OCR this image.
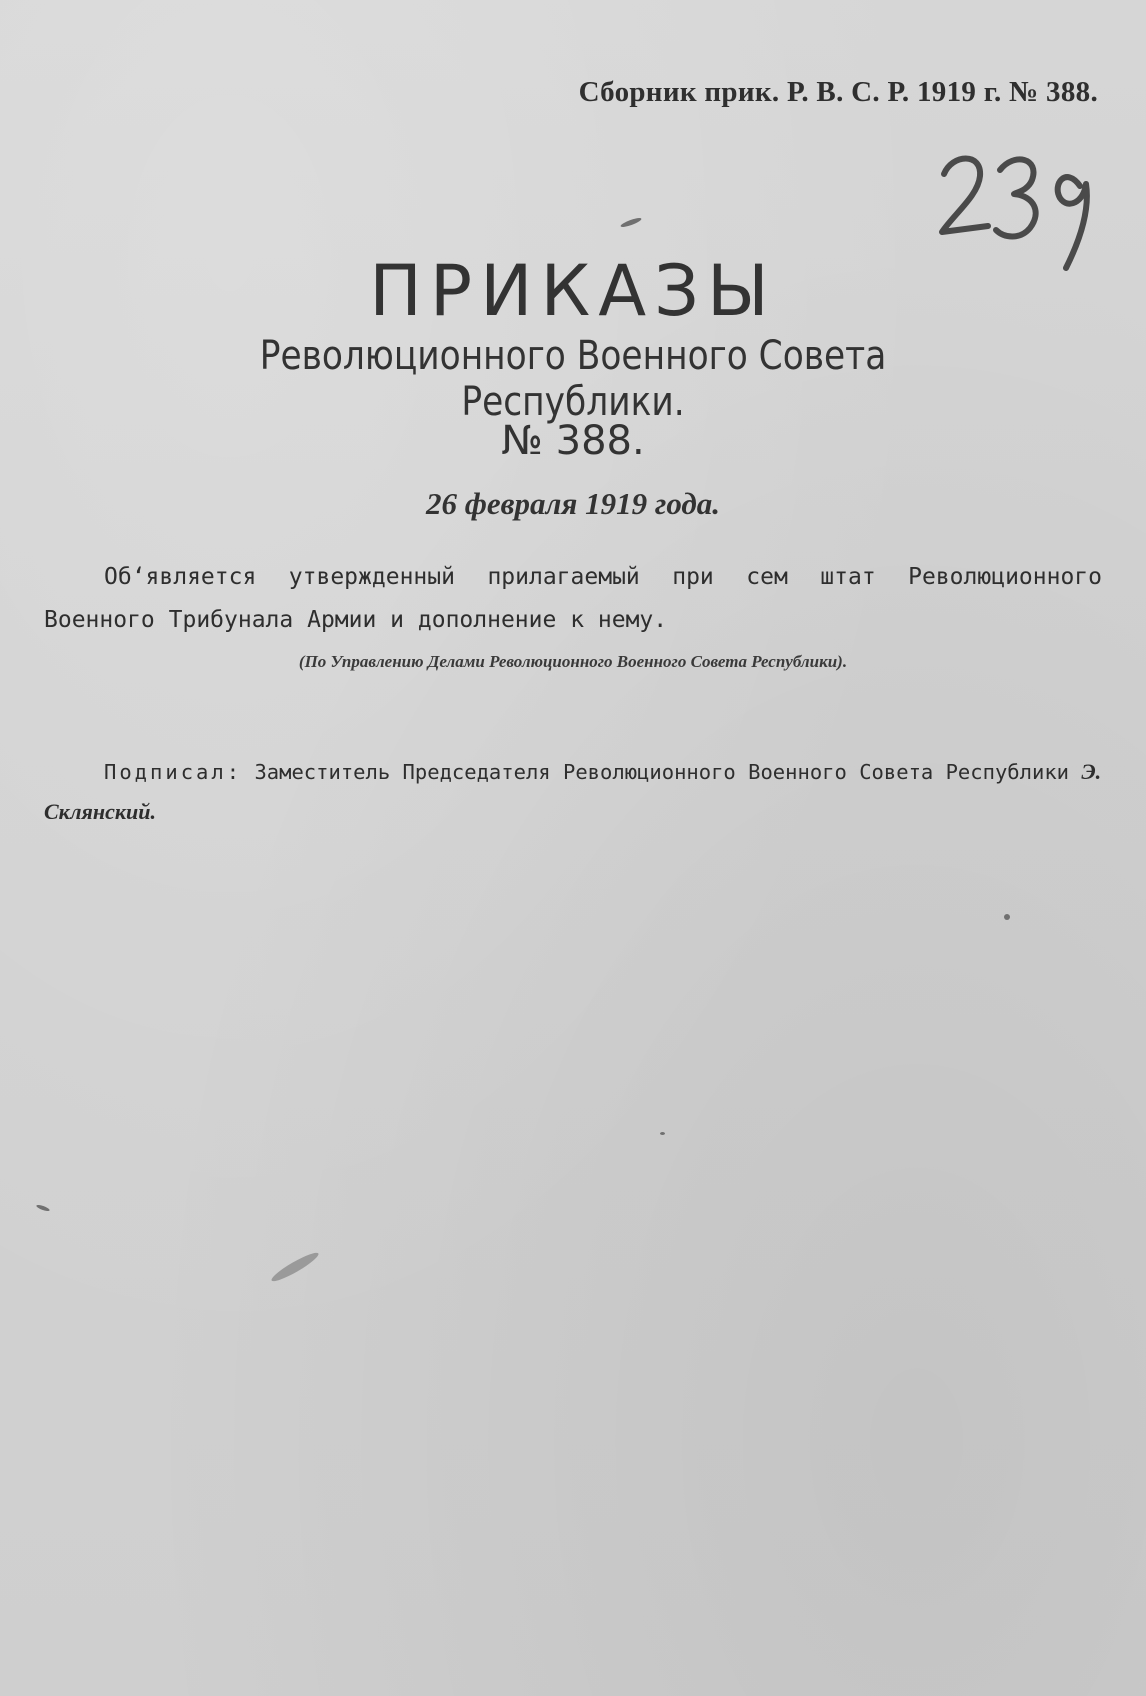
Сборник прик. Р. В. С. Р. 1919 г. № 388.
ПРИКАЗЫ
Революционного Военного Совета Республики.
№ 388.
26 февраля 1919 года.
Об‘являетcя утвержденный прилагаемый при сем штат Революционного Военного Трибунала Армии и дополнение к нему.
(По Управлению Делами Революционного Военного Совета Республики).
Подписал: Заместитель Председателя Революционного Военного Совета Республики Э. Склянский.
